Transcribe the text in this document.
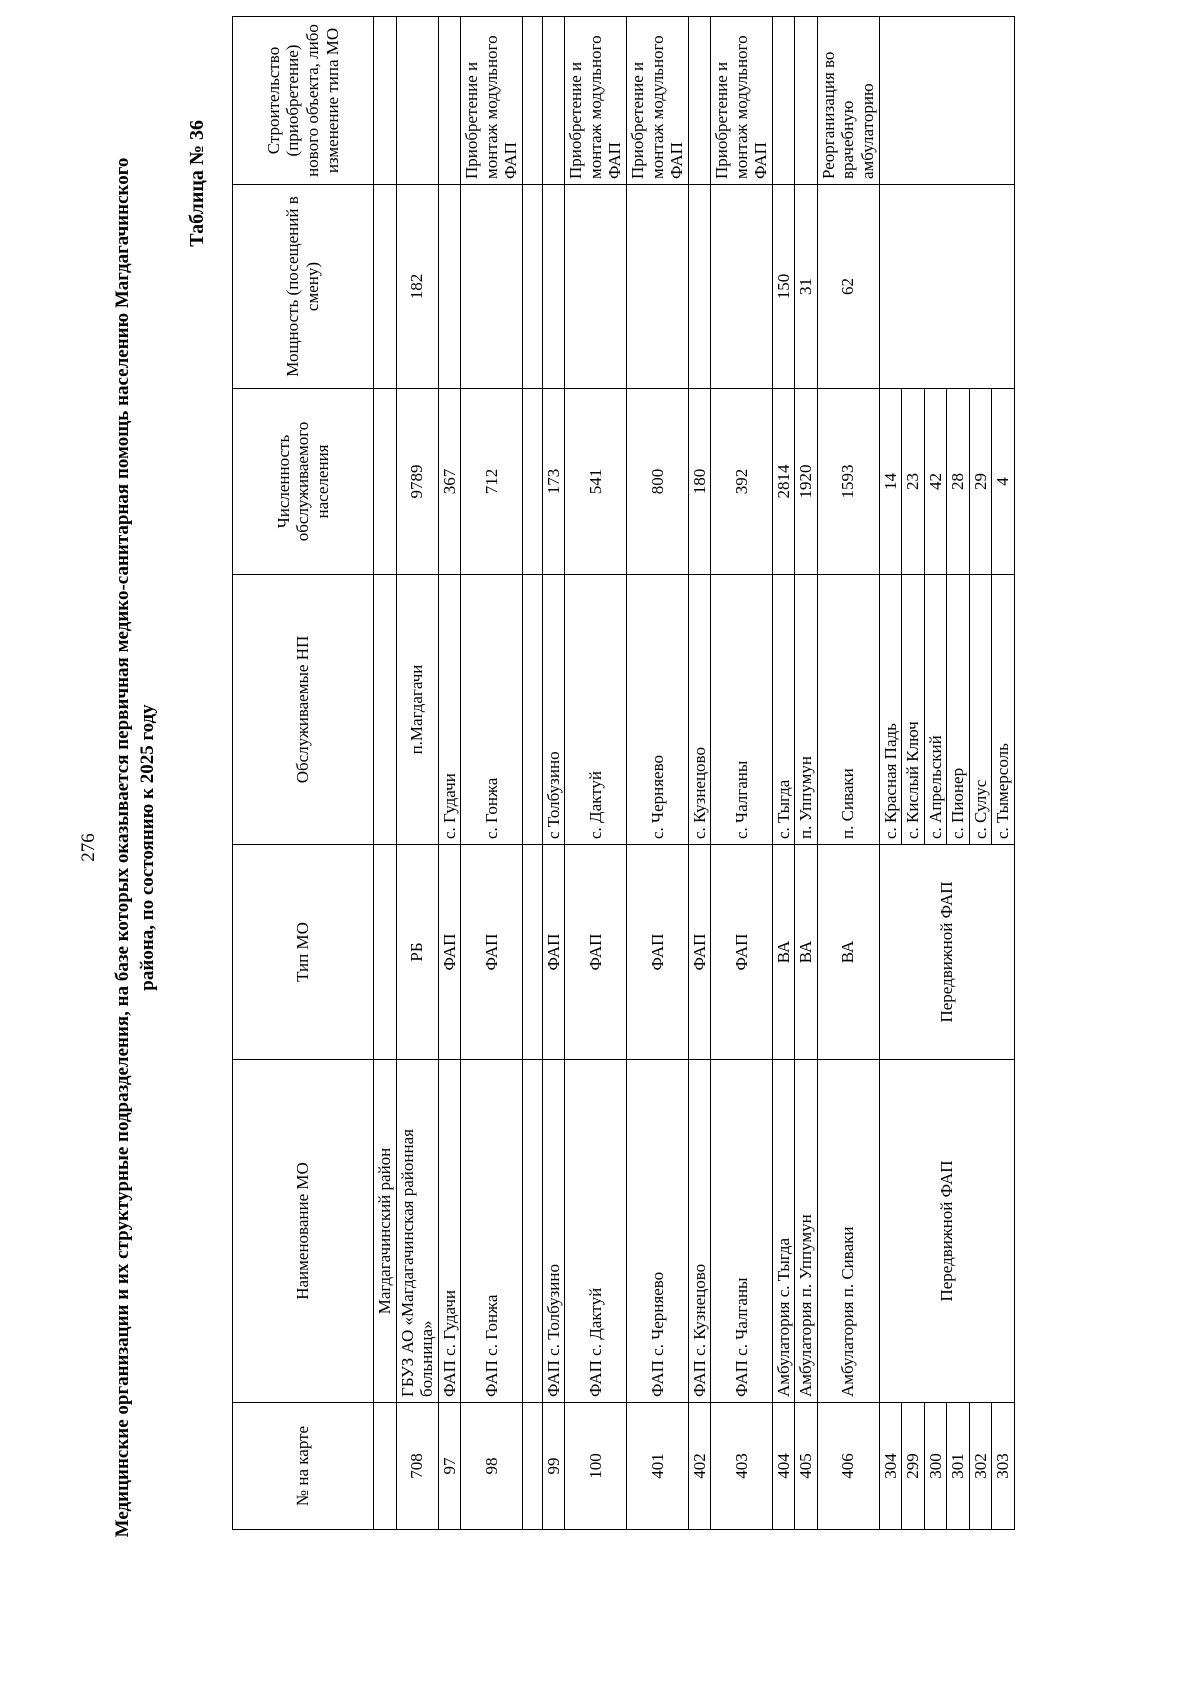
276 Медицинские организации и их структурные подразделения, на базе которых оказывается первичная медико-санитарная помощь населению Магдагачинского района, по состоянию к 2025 году
Таблица № 36
№ на карте	Наименование МО	Тип МО	Обслуживаемые НП	Численность обслуживаемого населения	Мощность (посещений в смену)	Строительство (приобретение) нового объекта, либо изменение типа МО
	Магдагачинский район					
708	ГБУЗ АО «Магдагачинская районная больница»	РБ	п.Магдагачи	9789	182	
97	ФАП с. Гудачи	ФАП	с. Гудачи	367		
98	ФАП с. Гонжа	ФАП	с. Гонжа	712		Приобретение и монтаж модульного ФАП

99	ФАП с. Толбузино	ФАП	с Толбузино	173		
100	ФАП с. Дактуй	ФАП	с. Дактуй	541		Приобретение и монтаж модульного ФАП
401	ФАП с. Черняево	ФАП	с. Черняево	800		Приобретение и монтаж модульного ФАП
402	ФАП с. Кузнецово	ФАП	с. Кузнецово	180		
403	ФАП с. Чалганы	ФАП	с. Чалганы	392		Приобретение и монтаж модульного ФАП
404	Амбулатория с. Тыгда	ВА	с. Тыгда	2814	150	
405	Амбулатория п. Уппумун	ВА	п. Уппумун	1920	31	
406	Амбулатория п. Сиваки	ВА	п. Сиваки	1593	62	Реорганизация во врачебную амбулаторию
304	Передвижной ФАП	Передвижной ФАП	с. Красная Падь	14		
299			с. Кислый Ключ	23		
300			с. Апрельский	42		
301			с. Пионер	28		
302			с. Сулус	29		
303			с. Тымерсоль	4		
